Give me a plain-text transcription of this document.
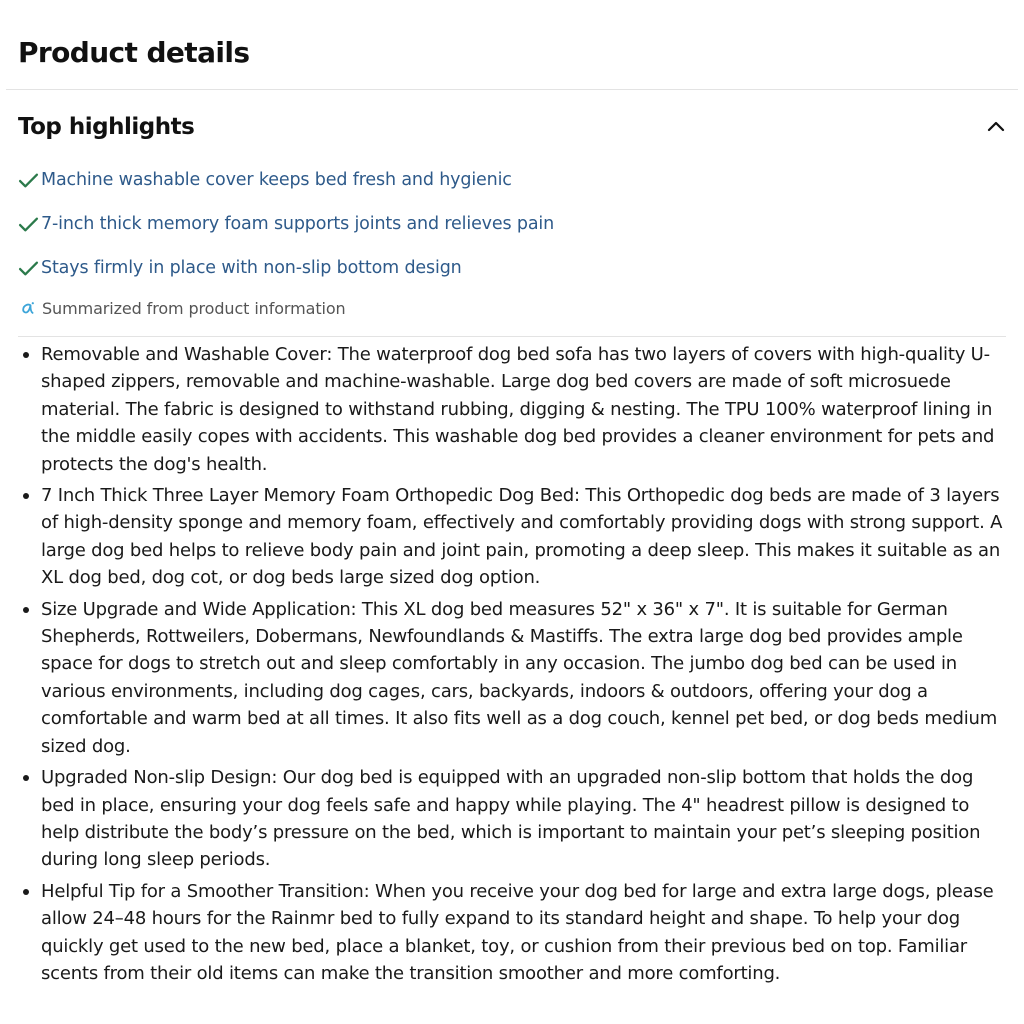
Product details
Top highlights
Machine washable cover keeps bed fresh and hygienic
7-inch thick memory foam supports joints and relieves pain
Stays firmly in place with non-slip bottom design
Summarized from product information
Removable and Washable Cover: The waterproof dog bed sofa has two layers of covers with high-quality U-shaped zippers, removable and machine-washable. Large dog bed covers are made of soft microsuede material. The fabric is designed to withstand rubbing, digging & nesting. The TPU 100% waterproof lining in the middle easily copes with accidents. This washable dog bed provides a cleaner environment for pets and protects the dog's health.
7 Inch Thick Three Layer Memory Foam Orthopedic Dog Bed: This Orthopedic dog beds are made of 3 layers of high-density sponge and memory foam, effectively and comfortably providing dogs with strong support. A large dog bed helps to relieve body pain and joint pain, promoting a deep sleep. This makes it suitable as an XL dog bed, dog cot, or dog beds large sized dog option.
Size Upgrade and Wide Application: This XL dog bed measures 52" x 36" x 7". It is suitable for German Shepherds, Rottweilers, Dobermans, Newfoundlands & Mastiffs. The extra large dog bed provides ample space for dogs to stretch out and sleep comfortably in any occasion. The jumbo dog bed can be used in various environments, including dog cages, cars, backyards, indoors & outdoors, offering your dog a comfortable and warm bed at all times. It also fits well as a dog couch, kennel pet bed, or dog beds medium sized dog.
Upgraded Non-slip Design: Our dog bed is equipped with an upgraded non-slip bottom that holds the dog bed in place, ensuring your dog feels safe and happy while playing. The 4" headrest pillow is designed to help distribute the body’s pressure on the bed, which is important to maintain your pet’s sleeping position during long sleep periods.
Helpful Tip for a Smoother Transition: When you receive your dog bed for large and extra large dogs, please allow 24–48 hours for the Rainmr bed to fully expand to its standard height and shape. To help your dog quickly get used to the new bed, place a blanket, toy, or cushion from their previous bed on top. Familiar scents from their old items can make the transition smoother and more comforting.
